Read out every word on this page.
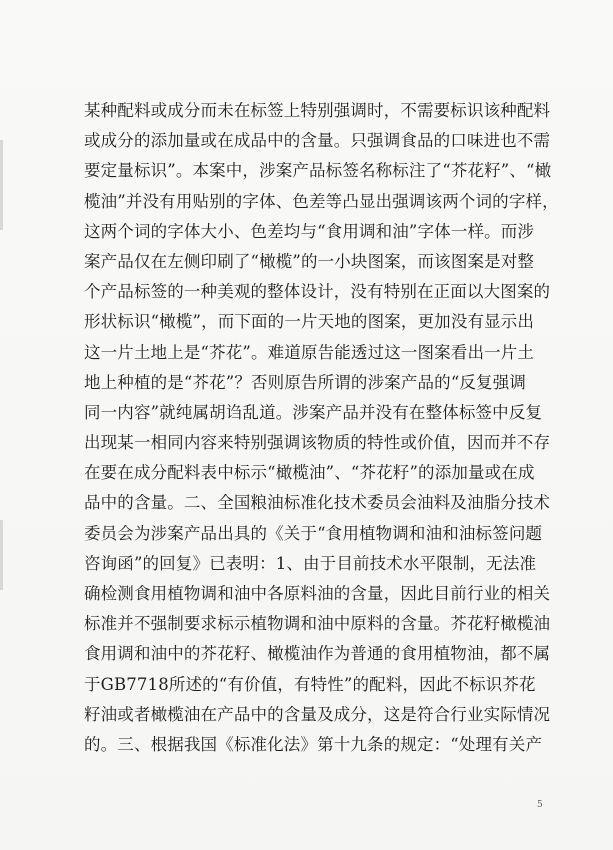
某种配料或成分而未在标签上特别强调时，不需要标识该种配料
或成分的添加量或在成品中的含量。只强调食品的口味进也不需
要定量标识”。本案中，涉案产品标签名称标注了“芥花籽”、“橄
榄油”并没有用贴别的字体、色差等凸显出强调该两个词的字样，
这两个词的字体大小、色差均与“食用调和油”字体一样。而涉
案产品仅在左侧印刷了“橄榄”的一小块图案，而该图案是对整
个产品标签的一种美观的整体设计，没有特别在正面以大图案的
形状标识“橄榄”，而下面的一片天地的图案，更加没有显示出
这一片土地上是“芥花”。难道原告能透过这一图案看出一片土
地上种植的是“芥花”？否则原告所谓的涉案产品的“反复强调
同一内容”就纯属胡诌乱道。涉案产品并没有在整体标签中反复
出现某一相同内容来特别强调该物质的特性或价值，因而并不存
在要在成分配料表中标示“橄榄油”、“芥花籽”的添加量或在成
品中的含量。二、全国粮油标准化技术委员会油料及油脂分技术
委员会为涉案产品出具的《关于“食用植物调和油和油标签问题
咨询函”的回复》已表明：1、由于目前技术水平限制，无法准
确检测食用植物调和油中各原料油的含量，因此目前行业的相关
标准并不强制要求标示植物调和油中原料的含量。芥花籽橄榄油
食用调和油中的芥花籽、橄榄油作为普通的食用植物油，都不属
于GB7718所述的“有价值，有特性”的配料，因此不标识芥花
籽油或者橄榄油在产品中的含量及成分，这是符合行业实际情况
的。三、根据我国《标准化法》第十九条的规定：“处理有关产
5
